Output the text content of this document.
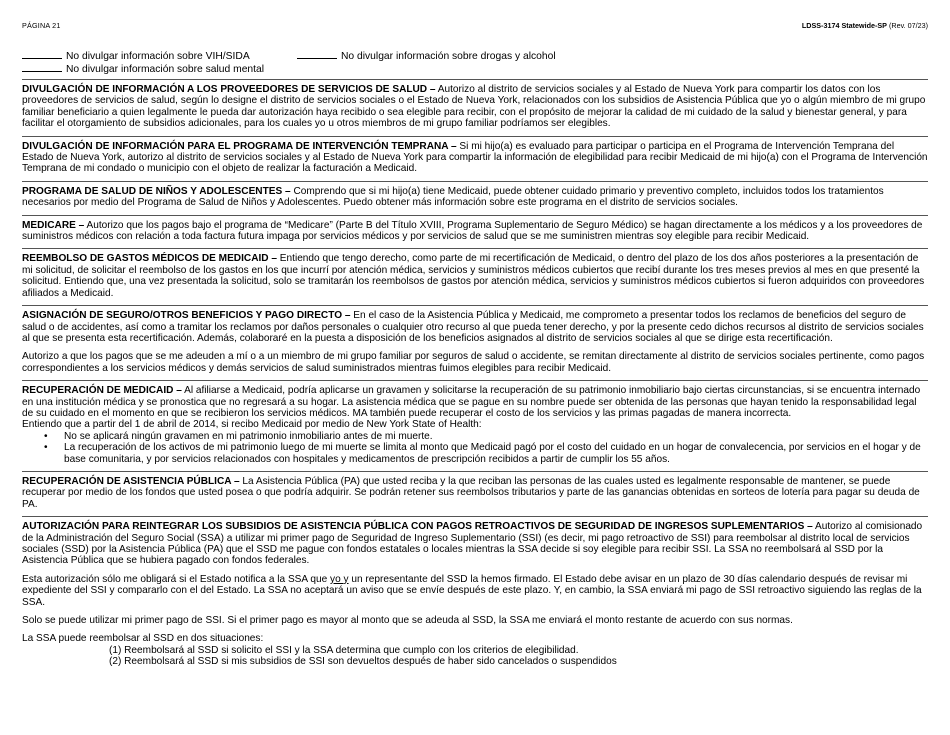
PÁGINA 21	LDSS-3174 Statewide-SP (Rev. 07/23)
No divulgar información sobre VIH/SIDA
No divulgar información sobre salud mental
No divulgar información sobre drogas y alcohol

DIVULGACIÓN DE INFORMACIÓN A LOS PROVEEDORES DE SERVICIOS DE SALUD – Autorizo al distrito de servicios sociales y al Estado de Nueva York para compartir los datos con los proveedores de servicios de salud, según lo designe el distrito de servicios sociales o el Estado de Nueva York, relacionados con los subsidios de Asistencia Pública que yo o algún miembro de mi grupo familiar beneficiario a quien legalmente le pueda dar autorización haya recibido o sea elegible para recibir, con el propósito de mejorar la calidad de mi cuidado de la salud y bienestar general, y para facilitar el otorgamiento de subsidios adicionales, para los cuales yo u otros miembros de mi grupo familiar podríamos ser elegibles.

DIVULGACIÓN DE INFORMACIÓN PARA EL PROGRAMA DE INTERVENCIÓN TEMPRANA – Si mi hijo(a) es evaluado para participar o participa en el Programa de Intervención Temprana del Estado de Nueva York, autorizo al distrito de servicios sociales y al Estado de Nueva York para compartir la información de elegibilidad para recibir Medicaid de mi hijo(a) con el Programa de Intervención Temprana de mi condado o municipio con el objeto de realizar la facturación a Medicaid.

PROGRAMA DE SALUD DE NIÑOS Y ADOLESCENTES – Comprendo que si mi hijo(a) tiene Medicaid, puede obtener cuidado primario y preventivo completo, incluidos todos los tratamientos necesarios por medio del Programa de Salud de Niños y Adolescentes. Puedo obtener más información sobre este programa en el distrito de servicios sociales.

MEDICARE – Autorizo que los pagos bajo el programa de “Medicare” (Parte B del Título XVIII, Programa Suplementario de Seguro Médico) se hagan directamente a los médicos y a los proveedores de suministros médicos con relación a toda factura futura impaga por servicios médicos y por servicios de salud que se me suministren mientras soy elegible para recibir Medicaid.

REEMBOLSO DE GASTOS MÉDICOS DE MEDICAID – Entiendo que tengo derecho, como parte de mi recertificación de Medicaid, o dentro del plazo de los dos años posteriores a la presentación de mi solicitud, de solicitar el reembolso de los gastos en los que incurrí por atención médica, servicios y suministros médicos cubiertos que recibí durante los tres meses previos al mes en que presenté la solicitud. Entiendo que, una vez presentada la solicitud, solo se tramitarán los reembolsos de gastos por atención médica, servicios y suministros médicos cubiertos si fueron adquiridos con proveedores afiliados a Medicaid.

ASIGNACIÓN DE SEGURO/OTROS BENEFICIOS Y PAGO DIRECTO – En el caso de la Asistencia Pública y Medicaid, me comprometo a presentar todos los reclamos de beneficios del seguro de salud o de accidentes, así como a tramitar los reclamos por daños personales o cualquier otro recurso al que pueda tener derecho, y por la presente cedo dichos recursos al distrito de servicios sociales al que se presenta esta recertificación. Además, colaboraré en la puesta a disposición de los beneficios asignados al distrito de servicios sociales al que se dirige esta recertificación.

Autorizo a que los pagos que se me adeuden a mí o a un miembro de mi grupo familiar por seguros de salud o accidente, se remitan directamente al distrito de servicios sociales pertinente, como pagos correspondientes a los servicios médicos y demás servicios de salud suministrados mientras fuimos elegibles para recibir Medicaid.

RECUPERACIÓN DE MEDICAID – Al afiliarse a Medicaid, podría aplicarse un gravamen y solicitarse la recuperación de su patrimonio inmobiliario bajo ciertas circunstancias, si se encuentra internado en una institución médica y se pronostica que no regresará a su hogar. La asistencia médica que se pague en su nombre puede ser obtenida de las personas que hayan tenido la responsabilidad legal de su cuidado en el momento en que se recibieron los servicios médicos. MA también puede recuperar el costo de los servicios y las primas pagadas de manera incorrecta.

Entiendo que a partir del 1 de abril de 2014, si recibo Medicaid por medio de New York State of Health:
• No se aplicará ningún gravamen en mi patrimonio inmobiliario antes de mi muerte.
• La recuperación de los activos de mi patrimonio luego de mi muerte se limita al monto que Medicaid pagó por el costo del cuidado en un hogar de convalecencia, por servicios en el hogar y de base comunitaria, y por servicios relacionados con hospitales y medicamentos de prescripción recibidos a partir de cumplir los 55 años.

RECUPERACIÓN DE ASISTENCIA PÚBLICA – La Asistencia Pública (PA) que usted reciba y la que reciban las personas de las cuales usted es legalmente responsable de mantener, se puede recuperar por medio de los fondos que usted posea o que podría adquirir. Se podrán retener sus reembolsos tributarios y parte de las ganancias obtenidas en sorteos de lotería para pagar su deuda de PA.

AUTORIZACIÓN PARA REINTEGRAR LOS SUBSIDIOS DE ASISTENCIA PÚBLICA CON PAGOS RETROACTIVOS DE SEGURIDAD DE INGRESOS SUPLEMENTARIOS – Autorizo al comisionado de la Administración del Seguro Social (SSA) a utilizar mi primer pago de Seguridad de Ingreso Suplementario (SSI) (es decir, mi pago retroactivo de SSI) para reembolsar al distrito local de servicios sociales (SSD) por la Asistencia Pública (PA) que el SSD me pague con fondos estatales o locales mientras la SSA decide si soy elegible para recibir SSI. La SSA no reembolsará al SSD por la Asistencia Pública que se hubiera pagado con fondos federales.

Esta autorización sólo me obligará si el Estado notifica a la SSA que yo y un representante del SSD la hemos firmado. El Estado debe avisar en un plazo de 30 días calendario después de revisar mi expediente del SSI y compararlo con el del Estado. La SSA no aceptará un aviso que se envíe después de este plazo. Y, en cambio, la SSA enviará mi pago de SSI retroactivo siguiendo las reglas de la SSA.

Solo se puede utilizar mi primer pago de SSI. Si el primer pago es mayor al monto que se adeuda al SSD, la SSA me enviará el monto restante de acuerdo con sus normas.

La SSA puede reembolsar al SSD en dos situaciones:

(1) Reembolsará al SSD si solicito el SSI y la SSA determina que cumplo con los criterios de elegibilidad.
(2) Reembolsará al SSD si mis subsidios de SSI son devueltos después de haber sido cancelados o suspendidos
